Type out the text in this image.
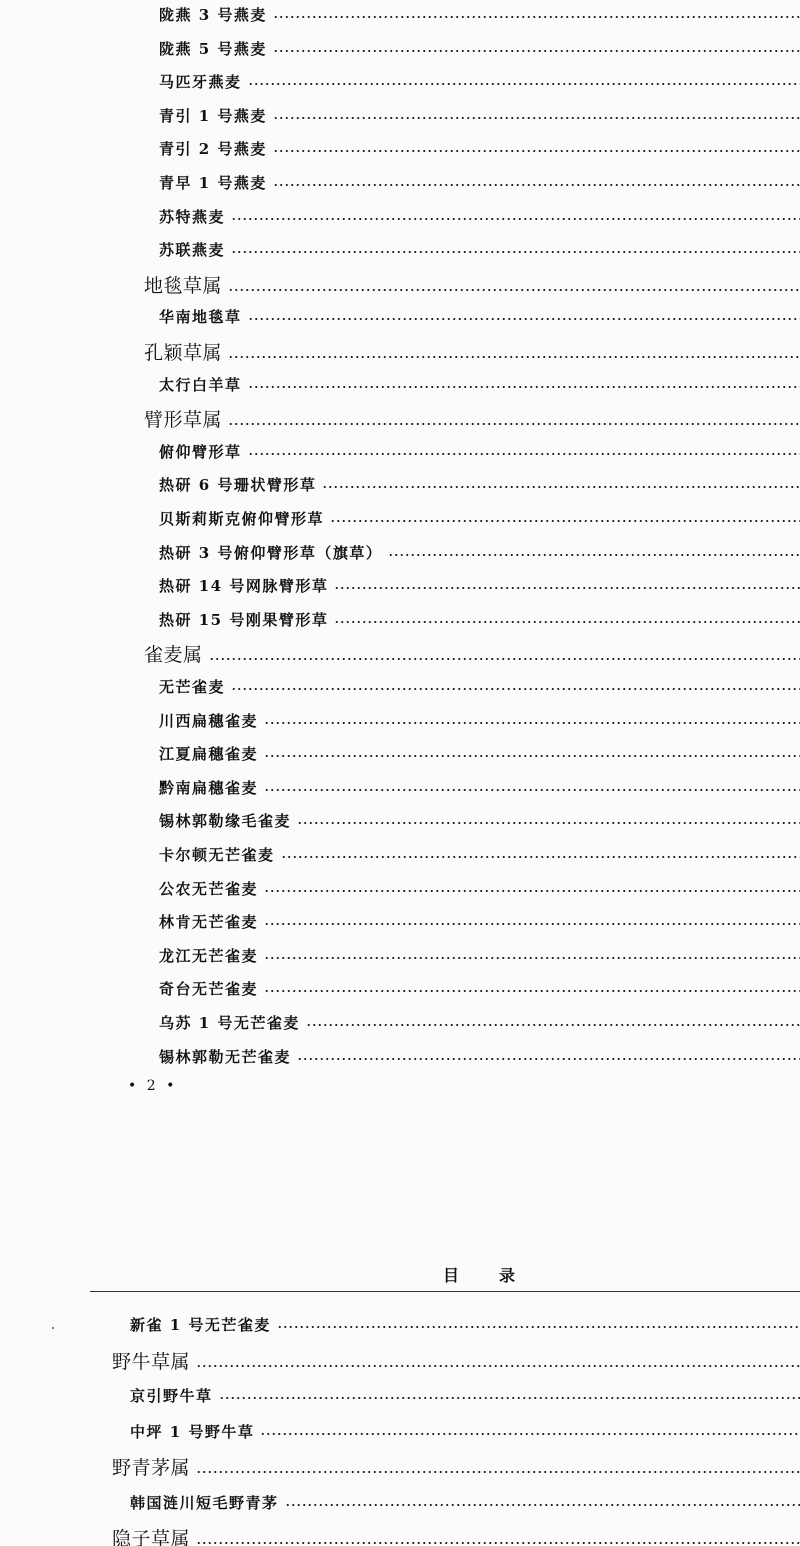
陇燕 3 号燕麦
陇燕 5 号燕麦
马匹牙燕麦
青引 1 号燕麦
青引 2 号燕麦
青早 1 号燕麦
苏特燕麦
苏联燕麦
地毯草属
华南地毯草
孔颖草属
太行白羊草
臂形草属
俯仰臂形草
热研 6 号珊状臂形草
贝斯莉斯克俯仰臂形草
热研 3 号俯仰臂形草（旗草）
热研 14 号网脉臂形草
热研 15 号刚果臂形草
雀麦属
无芒雀麦
川西扁穗雀麦
江夏扁穗雀麦
黔南扁穗雀麦
锡林郭勒缘毛雀麦
卡尔顿无芒雀麦
公农无芒雀麦
林肯无芒雀麦
龙江无芒雀麦
奇台无芒雀麦
乌苏 1 号无芒雀麦
锡林郭勒无芒雀麦
• 2 •
目录
新雀 1 号无芒雀麦
野牛草属
京引野牛草
中坪 1 号野牛草
野青茅属
韩国涟川短毛野青茅
隐子草属
